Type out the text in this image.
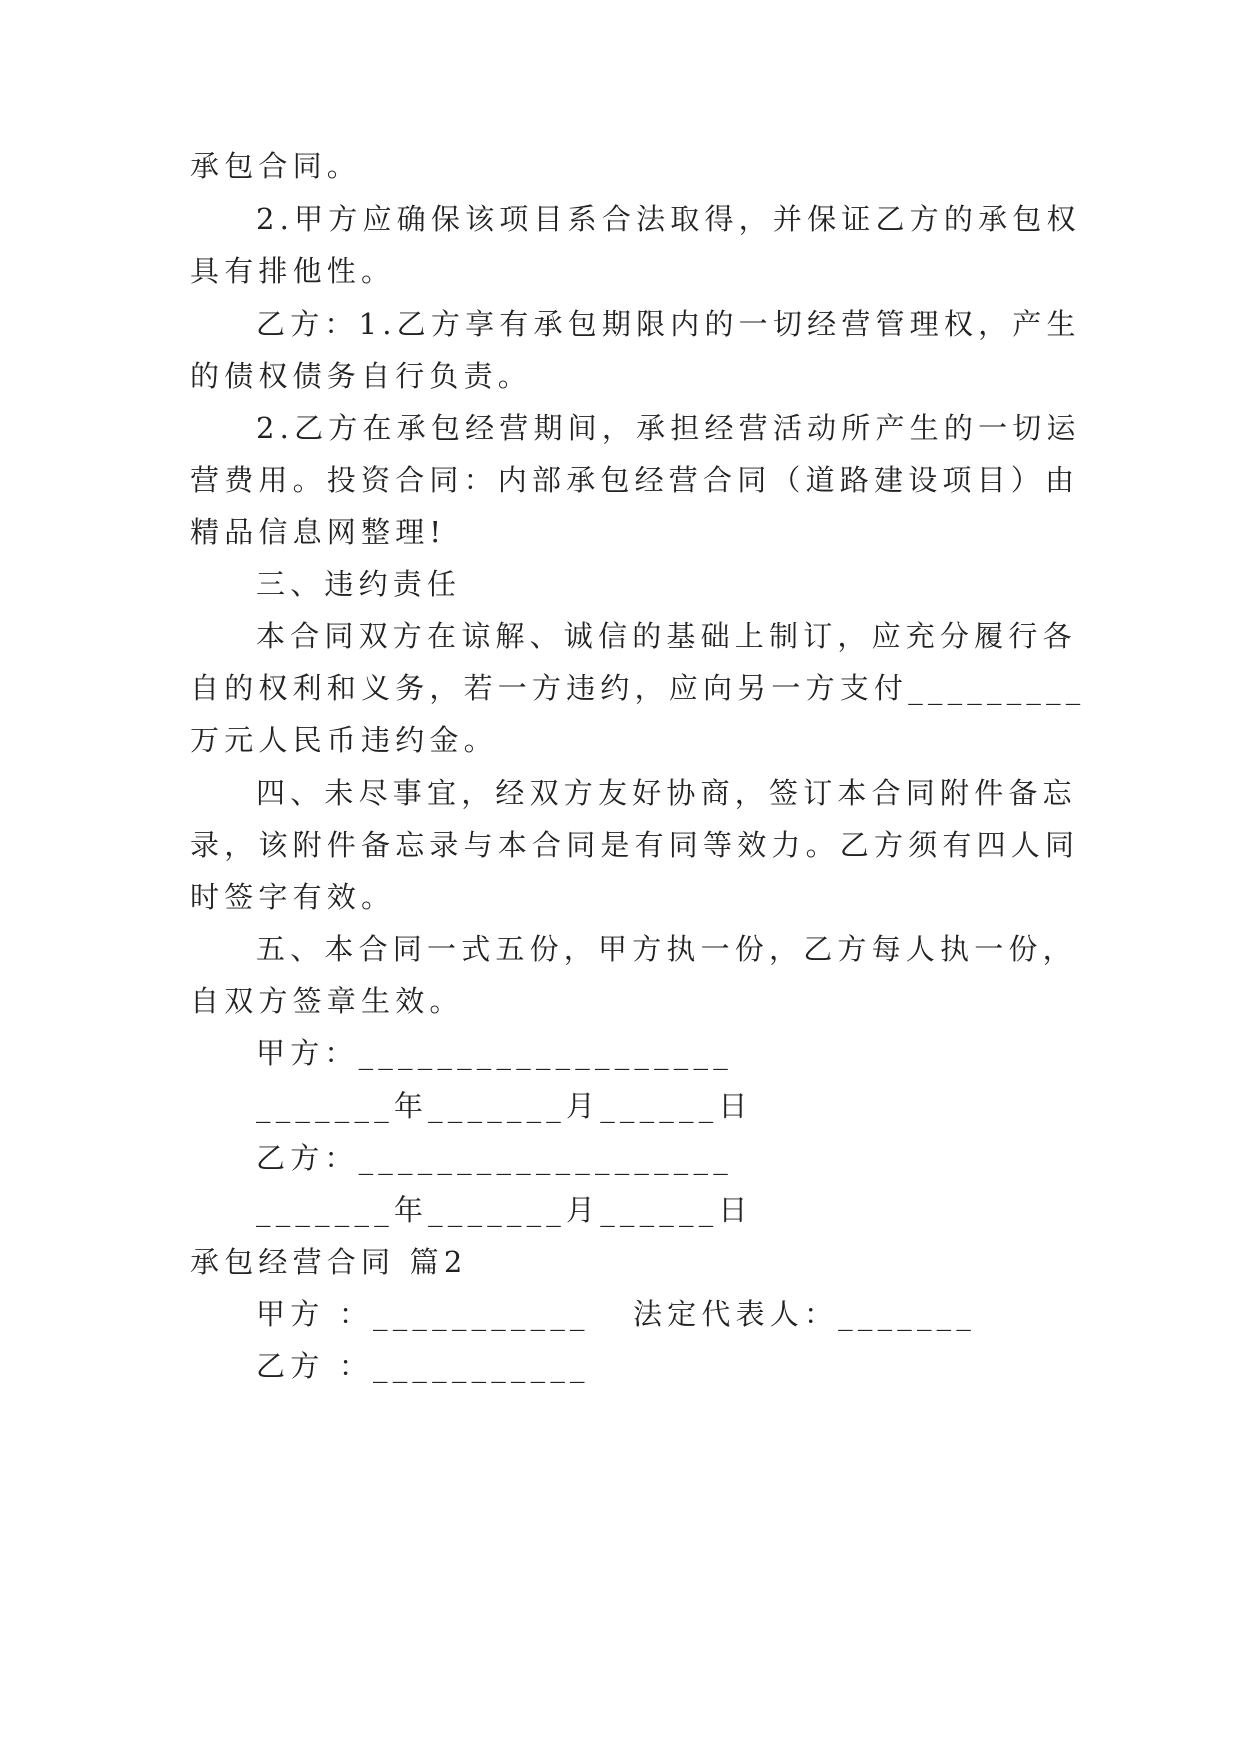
承包合同。
2.甲方应确保该项目系合法取得，并保证乙方的承包权
具有排他性。
乙方：1.乙方享有承包期限内的一切经营管理权，产生
的债权债务自行负责。
2.乙方在承包经营期间，承担经营活动所产生的一切运
营费用。投资合同：内部承包经营合同（道路建设项目）由
精品信息网整理!
三、违约责任
本合同双方在谅解、诚信的基础上制订，应充分履行各
自的权利和义务，若一方违约，应向另一方支付_________
万元人民币违约金。
四、未尽事宜，经双方友好协商，签订本合同附件备忘
录，该附件备忘录与本合同是有同等效力。乙方须有四人同
时签字有效。
五、本合同一式五份，甲方执一份，乙方每人执一份，
自双方签章生效。
甲方：___________________
_______年_______月______日
乙方：___________________
_______年_______月______日
承包经营合同 篇2
甲方 ：___________   法定代表人：_______
乙方 ：___________
